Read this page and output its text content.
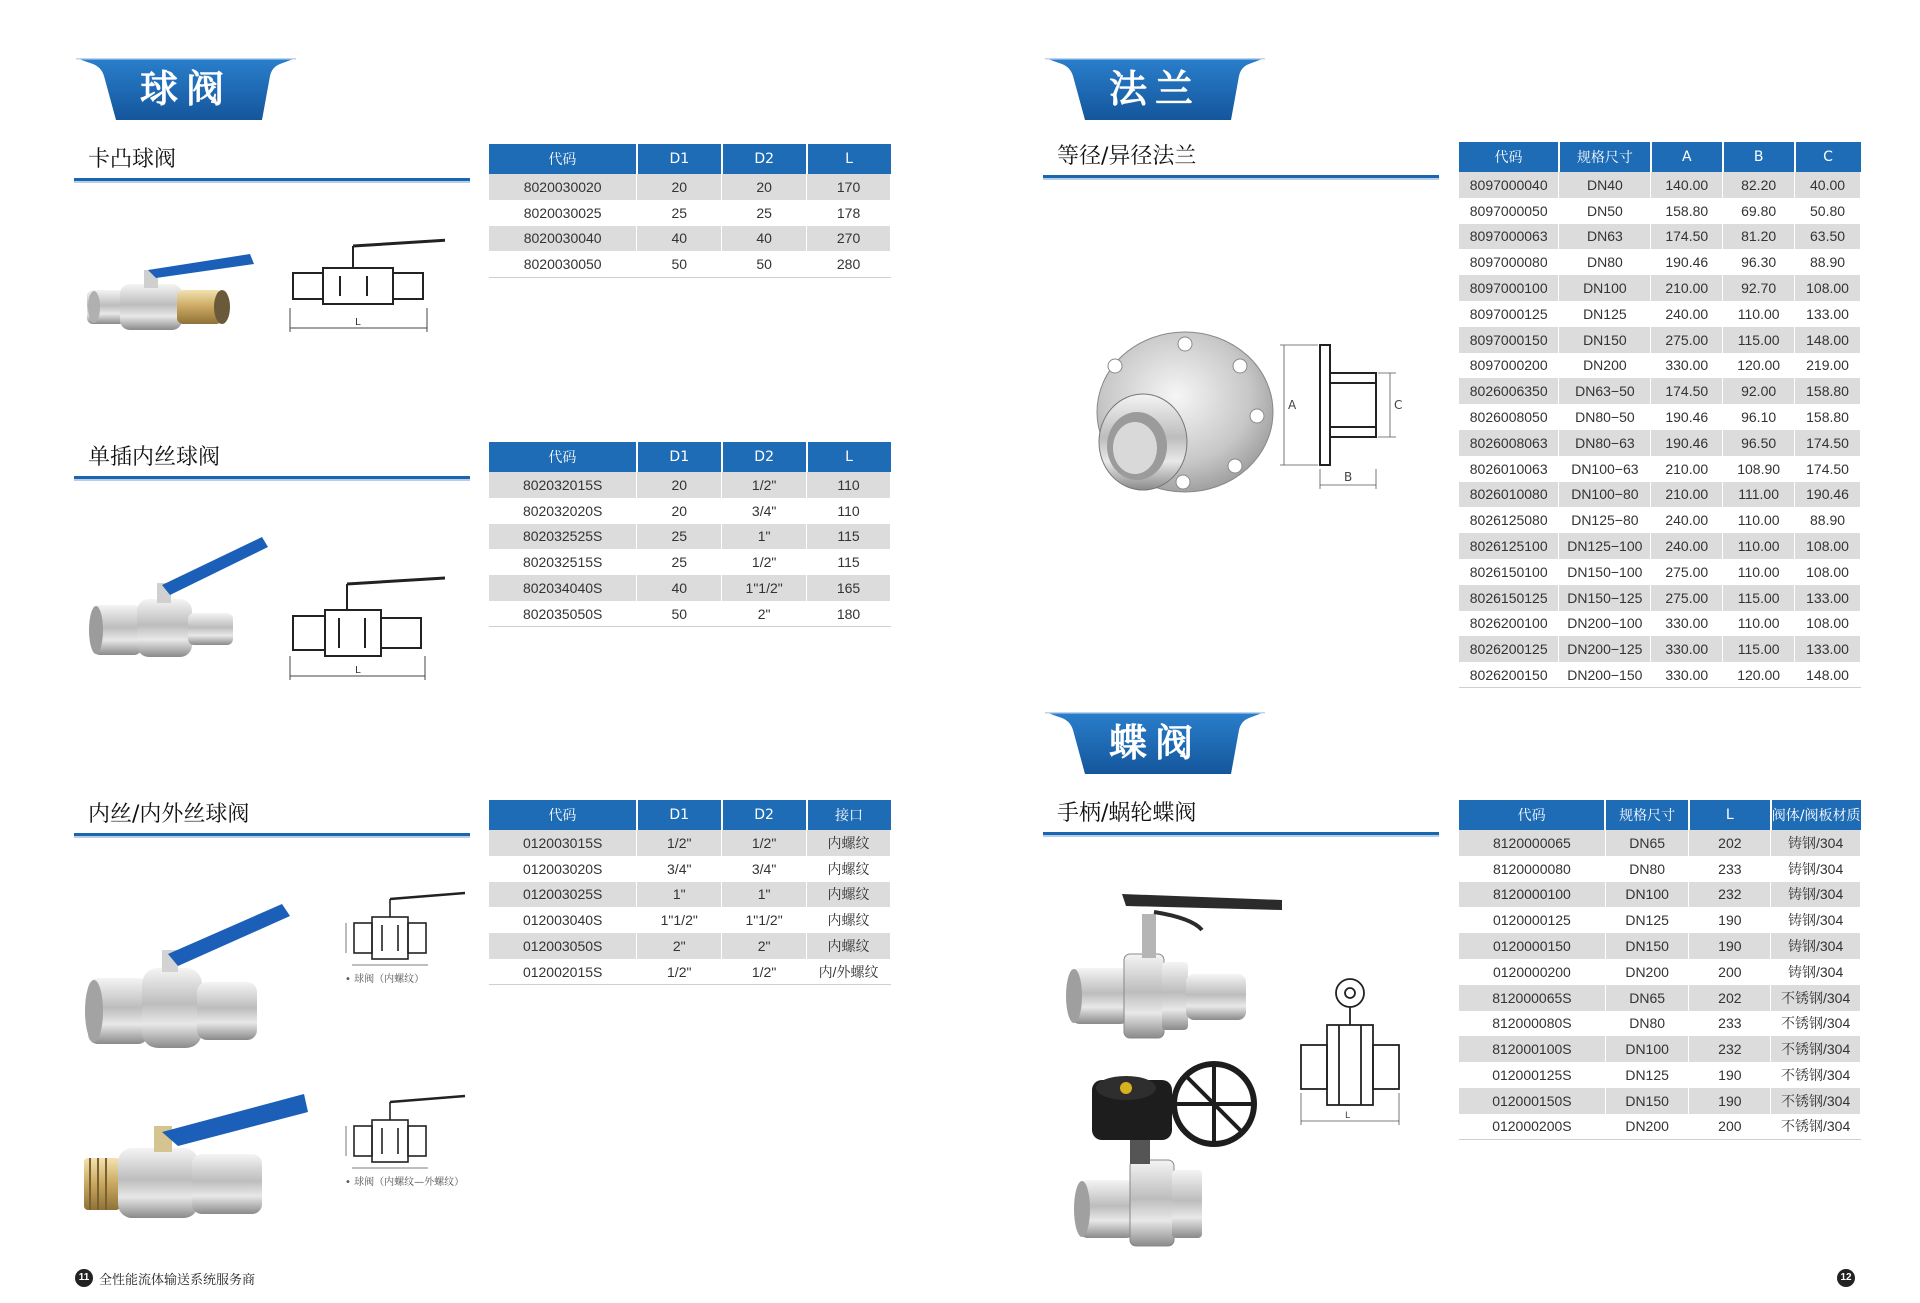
球阀	法兰
蝶阀
卡凸球阀
单插内丝球阀
内丝/内外丝球阀
等径/异径法兰
手柄/蜗轮蝶阀
代码	D1	D2	L
8020030020	20	20	170
8020030025	25	25	178
8020030040	40	40	270
8020030050	50	50	280
代码	D1	D2	L
802032015S	20	1/2"	110
802032020S	20	3/4"	110
802032525S	25	1"	115
802032515S	25	1/2"	115
802034040S	40	1"1/2"	165
802035050S	50	2"	180
代码	D1	D2	接口
012003015S	1/2"	1/2"	内螺纹
012003020S	3/4"	3/4"	内螺纹
012003025S	1"	1"	内螺纹
012003040S	1"1/2"	1"1/2"	内螺纹
012003050S	2"	2"	内螺纹
012002015S	1/2"	1/2"	内/外螺纹
代码	规格尺寸	A	B	C
8097000040	DN40	140.00	82.20	40.00
8097000050	DN50	158.80	69.80	50.80
8097000063	DN63	174.50	81.20	63.50
8097000080	DN80	190.46	96.30	88.90
8097000100	DN100	210.00	92.70	108.00
8097000125	DN125	240.00	110.00	133.00
8097000150	DN150	275.00	115.00	148.00
8097000200	DN200	330.00	120.00	219.00
8026006350	DN63−50	174.50	92.00	158.80
8026008050	DN80−50	190.46	96.10	158.80
8026008063	DN80−63	190.46	96.50	174.50
8026010063	DN100−63	210.00	108.90	174.50
8026010080	DN100−80	210.00	111.00	190.46
8026125080	DN125−80	240.00	110.00	88.90
8026125100	DN125−100	240.00	110.00	108.00
8026150100	DN150−100	275.00	110.00	108.00
8026150125	DN150−125	275.00	115.00	133.00
8026200100	DN200−100	330.00	110.00	108.00
8026200125	DN200−125	330.00	115.00	133.00
8026200150	DN200−150	330.00	120.00	148.00
代码	规格尺寸	L	阀体/阀板材质
8120000065	DN65	202	铸钢/304
8120000080	DN80	233	铸钢/304
8120000100	DN100	232	铸钢/304
0120000125	DN125	190	铸钢/304
0120000150	DN150	190	铸钢/304
0120000200	DN200	200	铸钢/304
812000065S	DN65	202	不锈钢/304
812000080S	DN80	233	不锈钢/304
812000100S	DN100	232	不锈钢/304
012000125S	DN125	190	不锈钢/304
012000150S	DN150	190	不锈钢/304
012000200S	DN200	200	不锈钢/304
L
L
• 球阀（内螺纹）
• 球阀（内螺纹—外螺纹）
A	C
B
L
11 全性能流体输送系统服务商	12
